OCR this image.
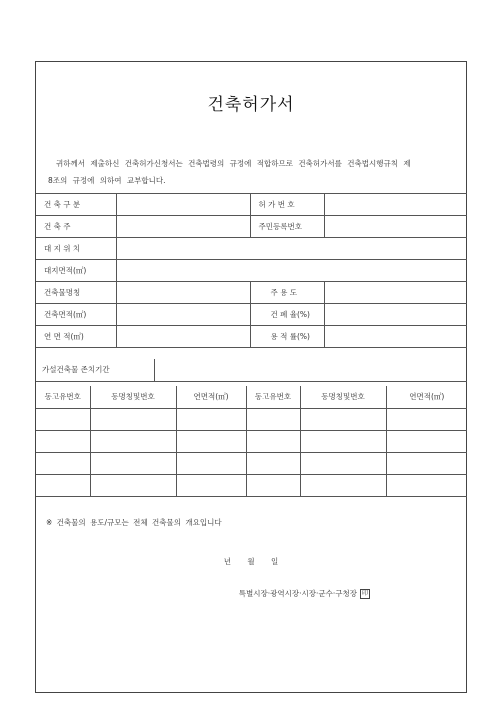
건축허가서
귀하께서 제출하신 건축허가신청서는 건축법령의 규정에 적합하므로 건축허가서를 건축법시행규칙 제
8조의 규정에 의하여 교부합니다.
건 축 구 분		허 가 번 호	
건 축 주		주민등록번호	
대 지 위 치			
대지면적(㎡)			
건축물명칭		주 용 도	
건축면적(㎡)		건 폐 율(%)	
연 면 적(㎡)		용 적 률(%)	
가설건축물 존치기간	
동고유번호	동명칭및번호	연면적(㎡)	동고유번호	동명칭및번호	연면적(㎡)

※ 건축물의 용도/규모는 전체 건축물의 개요입니다
년 월 일
특별시장·광역시장·시장·군수·구청장 印
